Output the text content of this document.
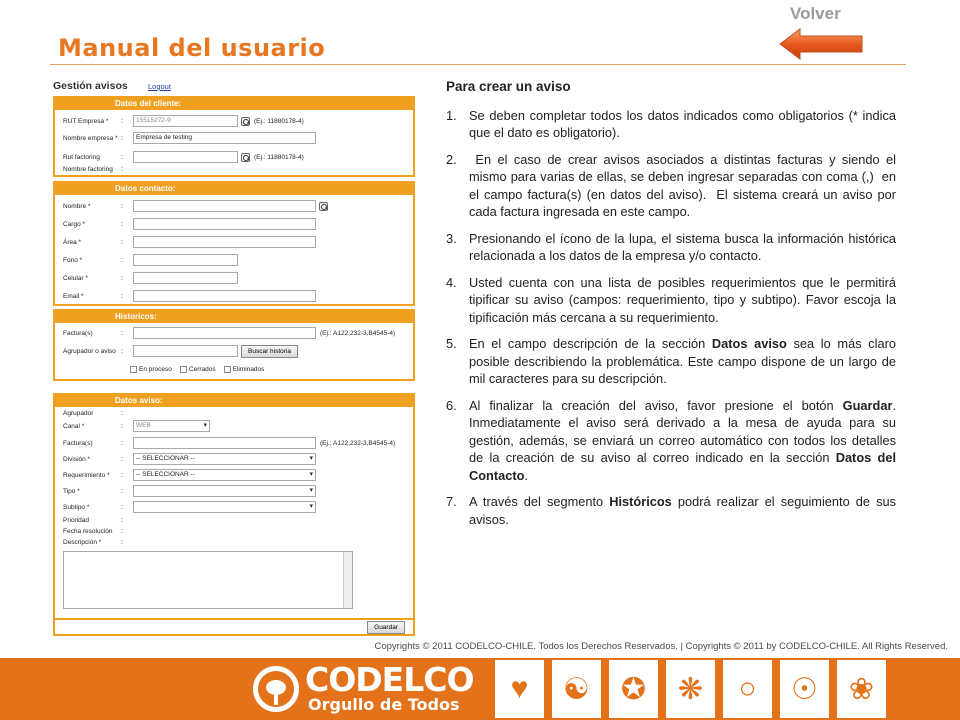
Manual del usuario
Volver
Gestión avisos	Logout
Datos del cliente:
RUT Empresa *	:	15515272-9	(Ej.: 11880178-4)
Nombre empresa * :	Empresa de testing
Rut factoring	:	(Ej.: 11880178-4)
Nombre factoring	:
Datos contacto:
Nombre *	:
Cargo *	:
Área *	:
Fono *	:
Celular *	:
Email *	:
Historicos:
Factura(s)	:	(Ej.: A122,232-3,B4545-4)
Agrupador o aviso :	Buscar historia
En proceso	Cerrados	Eliminados
Datos aviso:
Agrupador	:
Canal *	:	WEB ▾
Factura(s)	:	(Ej.: A122,232-3,B4545-4)
División *	:	-- SELECCIONAR -- ▾
Requerimiento *	:	-- SELECCIONAR -- ▾
Tipo *	:
▾
Subtipo *	:
▾
Prioridad	:
Fecha resolución	:
Descripción *	:
Guardar
Para crear un aviso
1. Se deben completar todos los datos indicados como obligatorios (* indica que el dato es obligatorio).
2. En el caso de crear avisos asociados a distintas facturas y siendo el mismo para varias de ellas, se deben ingresar separadas con coma (,)  en el campo factura(s) (en datos del aviso).  El sistema creará un aviso por cada factura ingresada en este campo.
3. Presionando el ícono de la lupa, el sistema busca la información histórica relacionada a los datos de la empresa y/o contacto.
4. Usted cuenta con una lista de posibles requerimientos que le permitirá tipificar su aviso (campos: requerimiento, tipo y subtipo). Favor escoja la tipificación más cercana a su requerimiento.
5. En el campo descripción de la sección Datos aviso sea lo más claro posible describiendo la problemática. Este campo dispone de un largo de mil caracteres para su descripción.
6. Al finalizar la creación del aviso, favor presione el botón Guardar. Inmediatamente el aviso será derivado a la mesa de ayuda para su gestión, además, se enviará un correo automático con todos los detalles de la creación de su aviso al correo indicado en la sección Datos del Contacto.
7. A través del segmento Históricos podrá realizar el seguimiento de sus avisos.
Copyrights © 2011 CODELCO-CHILE. Todos los Derechos Reservados. | Copyrights © 2011 by CODELCO-CHILE. All Rights Reserved.
CODELCO
Orgullo de Todos	♥	☯	✪	❋	○	☉	❀
